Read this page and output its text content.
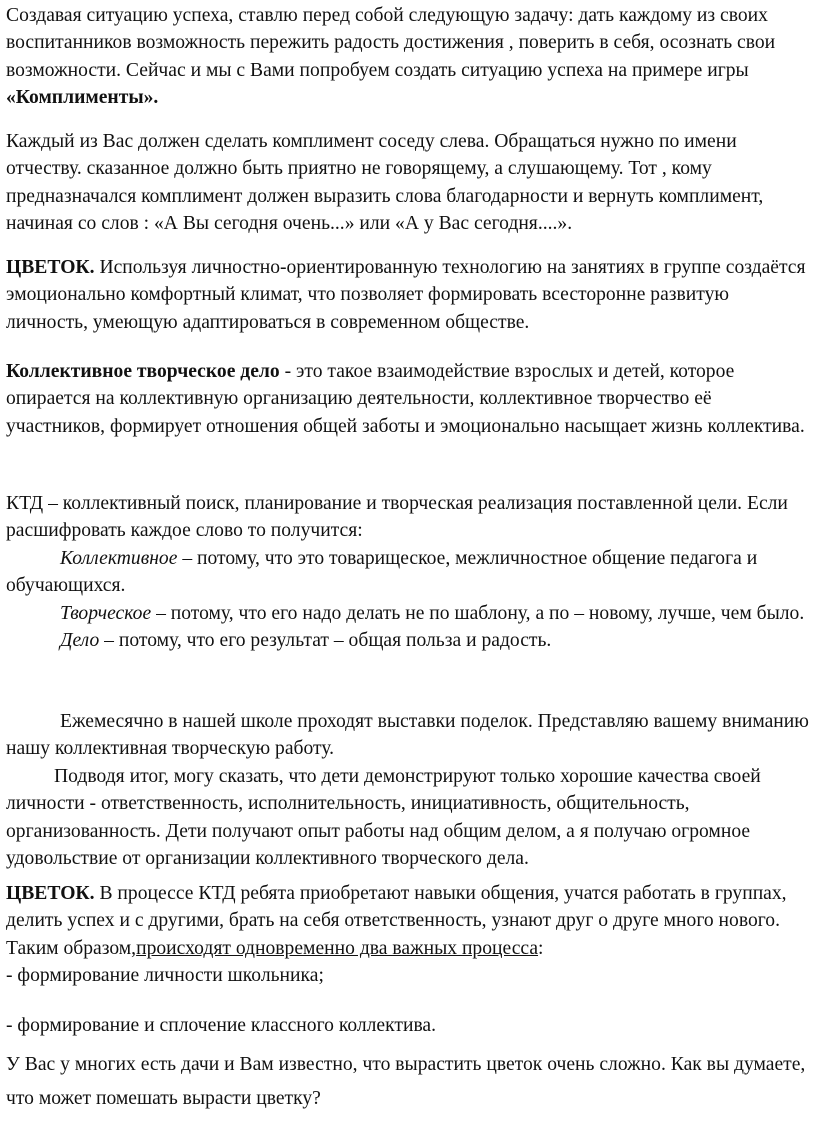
Создавая ситуацию успеха, ставлю перед собой следующую задачу: дать каждому из своих воспитанников возможность пережить радость достижения , поверить в себя, осознать свои возможности. Сейчас и мы с Вами попробуем создать ситуацию успеха на примере игры «Комплименты».

Каждый из Вас должен сделать комплимент соседу слева. Обращаться нужно по имени отчеству. сказанное должно быть приятно не говорящему, а слушающему. Тот , кому предназначался комплимент должен выразить слова благодарности и вернуть комплимент, начиная со слов : «А Вы сегодня очень...» или «А у Вас сегодня....».

ЦВЕТОК. Используя личностно-ориентированную технологию на занятиях в группе создаётся эмоционально комфортный климат, что позволяет формировать всесторонне развитую личность, умеющую адаптироваться в современном обществе.

Коллективное творческое дело - это такое взаимодействие взрослых и детей, которое опирается на коллективную организацию деятельности, коллективное творчество её участников, формирует отношения общей заботы и эмоционально насыщает жизнь коллектива.

КТД – коллективный поиск, планирование и творческая реализация поставленной цели. Если расшифровать каждое слово то получится:

Коллективное – потому, что это товарищеское, межличностное общение педагога и обучающихся.

Творческое – потому, что его надо делать не по шаблону, а по – новому, лучше, чем было.

Дело – потому, что его результат – общая польза и радость.

Ежемесячно в нашей школе проходят выставки поделок. Представляю вашему вниманию нашу коллективная творческую работу.

Подводя итог, могу сказать, что дети демонстрируют только хорошие качества своей личности - ответственность, исполнительность, инициативность, общительность, организованность. Дети получают опыт работы над общим делом, а я получаю огромное удовольствие от организации коллективного творческого дела.

ЦВЕТОК. В процессе КТД ребята приобретают навыки общения, учатся работать в группах, делить успех и с другими, брать на себя ответственность, узнают друг о друге много нового. Таким образом,происходят одновременно два важных процесса:

- формирование личности школьника;

- формирование и сплочение классного коллектива.

У Вас у многих есть дачи и Вам известно, что вырастить цветок очень сложно. Как вы думаете, что может помешать вырасти цветку?
